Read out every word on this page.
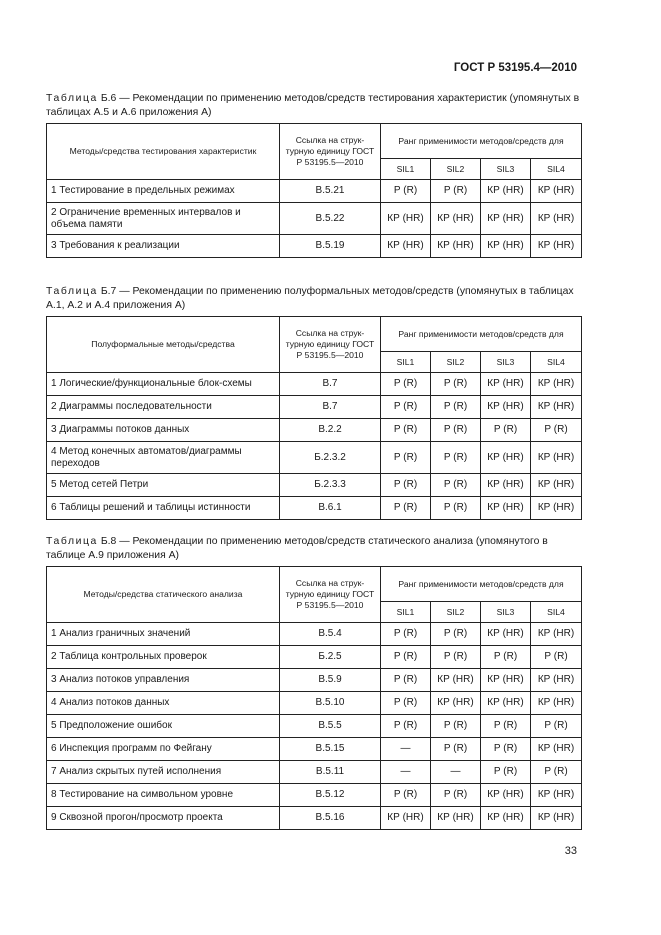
ГОСТ Р 53195.4—2010
Таблица Б.6 — Рекомендации по применению методов/средств тестирования характеристик (упомянутых в таблицах А.5 и А.6 приложения А)
Методы/средства тестирования характеристик	Ссылка на струк-турную единицу ГОСТ Р 53195.5—2010	Ранг применимости методов/средств для			
		SIL1	SIL2	SIL3	SIL4
1 Тестирование в предельных режимах	В.5.21	Р (R)	Р (R)	КР (HR)	КР (HR)
2 Ограничение временных интервалов и объема памяти	В.5.22	КР (HR)	КР (HR)	КР (HR)	КР (HR)
3 Требования к реализации	В.5.19	КР (HR)	КР (HR)	КР (HR)	КР (HR)
Таблица Б.7 — Рекомендации по применению полуформальных методов/средств (упомянутых в таблицах А.1, А.2 и А.4 приложения А)
Полуформальные методы/средства	Ссылка на струк-турную единицу ГОСТ Р 53195.5—2010	Ранг применимости методов/средств для			
		SIL1	SIL2	SIL3	SIL4
1 Логические/функциональные блок-схемы	В.7	Р (R)	Р (R)	КР (HR)	КР (HR)
2 Диаграммы последовательности	В.7	Р (R)	Р (R)	КР (HR)	КР (HR)
3 Диаграммы потоков данных	В.2.2	Р (R)	Р (R)	Р (R)	Р (R)
4 Метод конечных автоматов/диаграммы переходов	Б.2.3.2	Р (R)	Р (R)	КР (HR)	КР (HR)
5 Метод сетей Петри	Б.2.3.3	Р (R)	Р (R)	КР (HR)	КР (HR)
6 Таблицы решений и таблицы истинности	В.6.1	Р (R)	Р (R)	КР (HR)	КР (HR)
Таблица Б.8 — Рекомендации по применению методов/средств статического анализа (упомянутого в таблице А.9 приложения А)
Методы/средства статического анализа	Ссылка на струк-турную единицу ГОСТ Р 53195.5—2010	Ранг применимости методов/средств для			
		SIL1	SIL2	SIL3	SIL4
1 Анализ граничных значений	В.5.4	Р (R)	Р (R)	КР (HR)	КР (HR)
2 Таблица контрольных проверок	Б.2.5	Р (R)	Р (R)	Р (R)	Р (R)
3 Анализ потоков управления	В.5.9	Р (R)	КР (HR)	КР (HR)	КР (HR)
4 Анализ потоков данных	В.5.10	Р (R)	КР (HR)	КР (HR)	КР (HR)
5 Предположение ошибок	В.5.5	Р (R)	Р (R)	Р (R)	Р (R)
6 Инспекция программ по Фейгану	В.5.15	—	Р (R)	Р (R)	КР (HR)
7 Анализ скрытых путей исполнения	В.5.11	—	—	Р (R)	Р (R)
8 Тестирование на символьном уровне	В.5.12	Р (R)	Р (R)	КР (HR)	КР (HR)
9 Сквозной прогон/просмотр проекта	В.5.16	КР (HR)	КР (HR)	КР (HR)	КР (HR)
33
